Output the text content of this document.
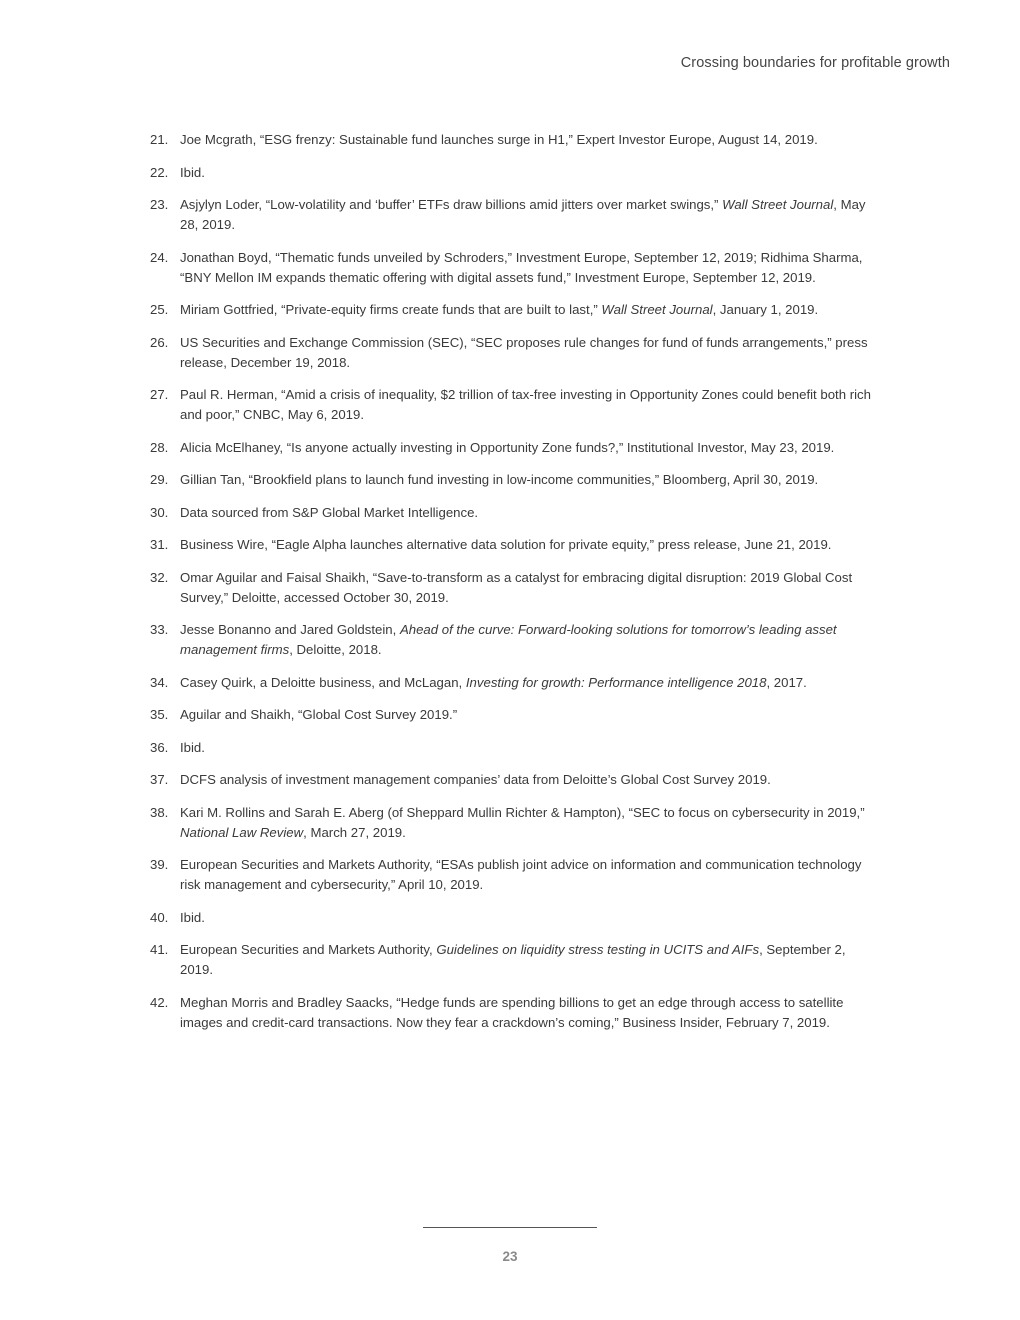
Crossing boundaries for profitable growth
21. Joe Mcgrath, “ESG frenzy: Sustainable fund launches surge in H1,” Expert Investor Europe, August 14, 2019.
22. Ibid.
23. Asjylyn Loder, “Low-volatility and ‘buffer’ ETFs draw billions amid jitters over market swings,” Wall Street Journal, May 28, 2019.
24. Jonathan Boyd, “Thematic funds unveiled by Schroders,” Investment Europe, September 12, 2019; Ridhima Sharma, “BNY Mellon IM expands thematic offering with digital assets fund,” Investment Europe, September 12, 2019.
25. Miriam Gottfried, “Private-equity firms create funds that are built to last,” Wall Street Journal, January 1, 2019.
26. US Securities and Exchange Commission (SEC), “SEC proposes rule changes for fund of funds arrangements,” press release, December 19, 2018.
27. Paul R. Herman, “Amid a crisis of inequality, $2 trillion of tax-free investing in Opportunity Zones could benefit both rich and poor,” CNBC, May 6, 2019.
28. Alicia McElhaney, “Is anyone actually investing in Opportunity Zone funds?,” Institutional Investor, May 23, 2019.
29. Gillian Tan, “Brookfield plans to launch fund investing in low-income communities,” Bloomberg, April 30, 2019.
30. Data sourced from S&P Global Market Intelligence.
31. Business Wire, “Eagle Alpha launches alternative data solution for private equity,” press release, June 21, 2019.
32. Omar Aguilar and Faisal Shaikh, “Save-to-transform as a catalyst for embracing digital disruption: 2019 Global Cost Survey,” Deloitte, accessed October 30, 2019.
33. Jesse Bonanno and Jared Goldstein, Ahead of the curve: Forward-looking solutions for tomorrow’s leading asset management firms, Deloitte, 2018.
34. Casey Quirk, a Deloitte business, and McLagan, Investing for growth: Performance intelligence 2018, 2017.
35. Aguilar and Shaikh, “Global Cost Survey 2019.”
36. Ibid.
37. DCFS analysis of investment management companies’ data from Deloitte’s Global Cost Survey 2019.
38. Kari M. Rollins and Sarah E. Aberg (of Sheppard Mullin Richter & Hampton), “SEC to focus on cybersecurity in 2019,” National Law Review, March 27, 2019.
39. European Securities and Markets Authority, “ESAs publish joint advice on information and communication technology risk management and cybersecurity,” April 10, 2019.
40. Ibid.
41. European Securities and Markets Authority, Guidelines on liquidity stress testing in UCITS and AIFs, September 2, 2019.
42. Meghan Morris and Bradley Saacks, “Hedge funds are spending billions to get an edge through access to satellite images and credit-card transactions. Now they fear a crackdown’s coming,” Business Insider, February 7, 2019.
23
